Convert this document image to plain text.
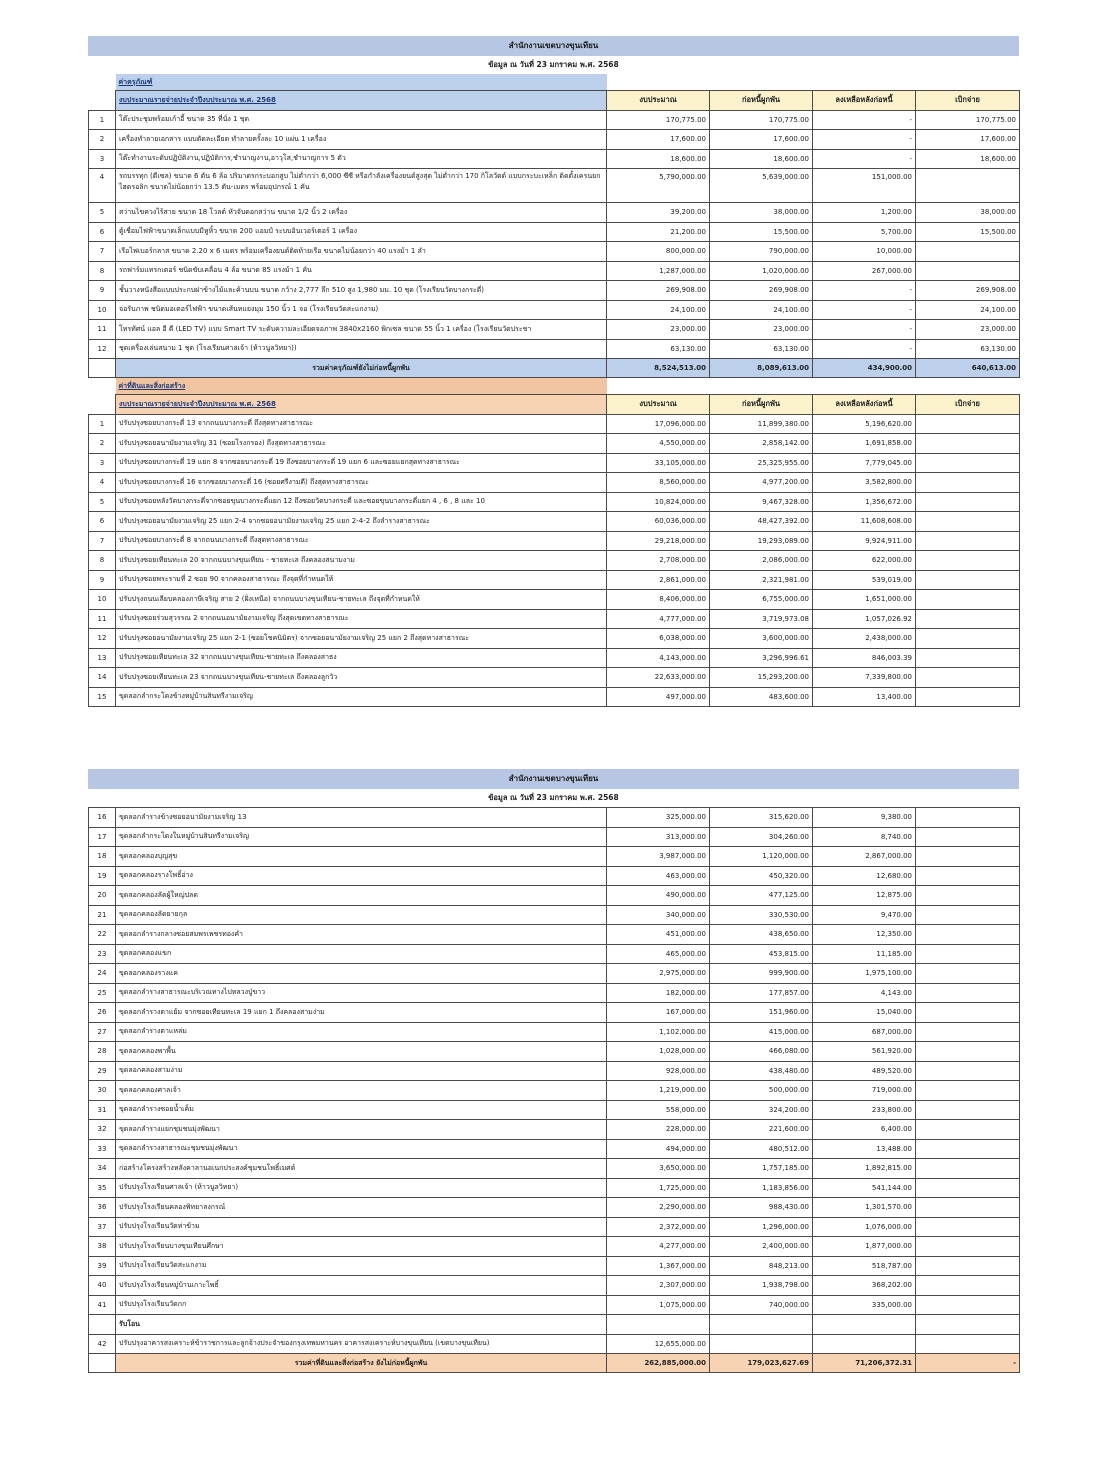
สำนักงานเขตบางขุนเทียน
ข้อมูล ณ วันที่ 23 มกราคม พ.ศ. 2568
	ค่าครุภัณฑ์				
	งบประมาณรายจ่ายประจำปีงบประมาณ พ.ศ. 2568	งบประมาณ	ก่อหนี้ผูกพัน	ลงเหลือหลังก่อหนี้	เบิกจ่าย
1	โต๊ะประชุมพร้อมเก้าอี้ ขนาด 35 ที่นั่ง 1 ชุด	170,775.00	170,775.00	-	170,775.00
2	เครื่องทำลายเอกสาร แบบตัดละเอียด ทำลายครั้งละ 10 แผ่น 1 เครื่อง	17,600.00	17,600.00	-	17,600.00
3	โต๊ะทำงานระดับปฏิบัติงาน,ปฏิบัติการ,ชำนาญงาน,อาวุโส,ชำนาญการ 5 ตัว	18,600.00	18,600.00	-	18,600.00
4	รถบรรทุก (ดีเซล) ขนาด 6 ตัน 6 ล้อ ปริมาตรกระบอกสูบ ไม่ต่ำกว่า 6,000 ซีซี หรือกำลังเครื่องยนต์สูงสุด ไม่ต่ำกว่า 170 กิโลวัตต์ แบบกระบะเหล็ก ติดตั้งเครนยกไฮดรอลิก ขนาดไม่น้อยกว่า 13.5 ตัน-เมตร พร้อมอุปกรณ์ 1 คัน	5,790,000.00	5,639,000.00	151,000.00	
5	สว่านไขควงไร้สาย ขนาด 18 โวลต์ หัวจับดอกสว่าน ขนาด 1/2 นิ้ว 2 เครื่อง	39,200.00	38,000.00	1,200.00	38,000.00
6	ตู้เชื่อมไฟฟ้าขนาดเล็กแบบมีหูหิ้ว ขนาด 200 แอมป์ ระบบอินเวอร์เตอร์ 1 เครื่อง	21,200.00	15,500.00	5,700.00	15,500.00
7	เรือไฟเบอร์กลาส ขนาด 2.20 x 6 เมตร พร้อมเครื่องยนต์ติดท้ายเรือ ขนาดไม่น้อยกว่า 40 แรงม้า 1 ลำ	800,000.00	790,000.00	10,000.00	
8	รถฟาร์มแทรกเตอร์ ชนิดขับเคลื่อน 4 ล้อ ขนาด 85 แรงม้า 1 คัน	1,287,000.00	1,020,000.00	267,000.00	
9	ชั้นวางหนังสือแบบประกบฝาข้างไม้และค้านบน ขนาด กว้าง 2,777 ลึก 510 สูง 1,980 มม. 10 ชุด (โรงเรียนวัดบางกระดี่)	269,908.00	269,908.00	-	269,908.00
10	จอรับภาพ ชนิดมอเตอร์ไฟฟ้า ขนาดเส้นทแยงมุม 150 นิ้ว 1 จอ (โรงเรียนวัดสะแกงาม)	24,100.00	24,100.00	-	24,100.00
11	โทรทัศน์ แอล อี ดี (LED TV) แบบ Smart TV ระดับความละเอียดจอภาพ 3840x2160 พิกเซล ขนาด 55 นิ้ว 1 เครื่อง (โรงเรียนวัดประชา	23,000.00	23,000.00	-	23,000.00
12	ชุดเครื่องเล่นสนาม 1 ชุด (โรงเรียนศาลเจ้า (ห้าวนูลวิทยา))	63,130.00	63,130.00	-	63,130.00
	รวมค่าครุภัณฑ์ยังไม่ก่อหนี้ผูกพัน	8,524,513.00	8,089,613.00	434,900.00	640,613.00
	ค่าที่ดินและสิ่งก่อสร้าง				
	งบประมาณรายจ่ายประจำปีงบประมาณ พ.ศ. 2568	งบประมาณ	ก่อหนี้ผูกพัน	ลงเหลือหลังก่อหนี้	เบิกจ่าย
1	ปรับปรุงซอยบางกระดี่ 13 จากถนนบางกระดี่ ถึงสุดทางสาธารณะ	17,096,000.00	11,899,380.00	5,196,620.00	
2	ปรับปรุงซอยอนามัยงามเจริญ 31 (ซอยโรงกรอง) ถึงสุดทางสาธารณะ	4,550,000.00	2,858,142.00	1,691,858.00	
3	ปรับปรุงซอยบางกระดี่ 19 แยก 8 จากซอยบางกระดี่ 19 ถึงซอยบางกระดี่ 19 แยก 6 และซอยแยกสุดทางสาธารณะ	33,105,000.00	25,325,955.00	7,779,045.00	
4	ปรับปรุงซอยบางกระดี่ 16 จากซอยบางกระดี่ 16 (ซอยศรีงามดี) ถึงสุดทางสาธารณะ	8,560,000.00	4,977,200.00	3,582,800.00	
5	ปรับปรุงซอยหลังวัดบางกระดี่จากซอยขุนบางกระดี่แยก 12 ถึงซอยวัดบางกระดี่ และซอยขุนบางกระดี่แยก 4 , 6 , 8 และ 10	10,824,000.00	9,467,328.00	1,356,672.00	
6	ปรับปรุงซอยอนามัยงามเจริญ 25 แยก 2-4 จากซอยอนามัยงามเจริญ 25 แยก 2-4-2 ถึงลำรางสาธารณะ	60,036,000.00	48,427,392.00	11,608,608.00	
7	ปรับปรุงซอยบางกระดี่ 8 จากถนนบางกระดี่ ถึงสุดทางสาธารณะ	29,218,000.00	19,293,089.00	9,924,911.00	
8	ปรับปรุงซอยเทียนทะเล 20 จากถนนบางขุนเทียน - ชายทะเล ถึงคลองสนามงาม	2,708,000.00	2,086,000.00	622,000.00	
9	ปรับปรุงซอยพระรามที่ 2 ซอย 90 จากคลองสาธารณะ ถึงจุดที่กำหนดให้	2,861,000.00	2,321,981.00	539,019.00	
10	ปรับปรุงถนนเลียบคลองภาษีเจริญ สาย 2 (ฝั่งเหนือ) จากถนนบางขุนเทียน-ชายทะเล ถึงจุดที่กำหนดให้	8,406,000.00	6,755,000.00	1,651,000.00	
11	ปรับปรุงซอยร่วมสุวรรณ 2 จากถนนอนามัยงามเจริญ ถึงสุดเขตทางสาธารณะ	4,777,000.00	3,719,973.08	1,057,026.92	
12	ปรับปรุงซอยอนามัยงามเจริญ 25 แยก 2-1 (ซอยโชคนิมิตร) จากซอยอนามัยงามเจริญ 25 แยก 2 ถึงสุดทางสาธารณะ	6,038,000.00	3,600,000.00	2,438,000.00	
13	ปรับปรุงซอยเทียนทะเล 32 จากถนนบางขุนเทียน-ชายทะเล ถึงคลองสาธง	4,143,000.00	3,296,996.61	846,003.39	
14	ปรับปรุงซอยเทียนทะเล 23 จากถนนบางขุนเทียน-ชายทะเล ถึงคลองลูกวัว	22,633,000.00	15,293,200.00	7,339,800.00	
15	ขุดลอกลำกระโดงข้างหมู่บ้านสินทรีงามเจริญ	497,000.00	483,600.00	13,400.00	
สำนักงานเขตบางขุนเทียน
ข้อมูล ณ วันที่ 23 มกราคม พ.ศ. 2568
16	ขุดลอกลำรางข้างซอยอนามัยงามเจริญ 13	325,000.00	315,620.00	9,380.00	
17	ขุดลอกลำกระโดงในหมู่บ้านสินทรีงามเจริญ	313,000.00	304,260.00	8,740.00	
18	ขุดลอกคลองบุญสุข	3,987,000.00	1,120,000.00	2,867,000.00	
19	ขุดลอกคลองรางโพธิ์อ่าง	463,000.00	450,320.00	12,680.00	
20	ขุดลอกคลองลัดผู้ใหญ่ปลด	490,000.00	477,125.00	12,875.00	
21	ขุดลอกคลองลัดยายกุล	340,000.00	330,530.00	9,470.00	
22	ขุดลอกลำรางกลางซอยสมพรเพชรทองคำ	451,000.00	438,650.00	12,350.00	
23	ขุดลอกคลองแขก	465,000.00	453,815.00	11,185.00	
24	ขุดลอกคลองรางแค	2,975,000.00	999,900.00	1,975,100.00	
25	ขุดลอกลำรางสาธารณะบริเวณทางไปหลวงปู่ขาว	182,000.00	177,857.00	4,143.00	
26	ขุดลอกลำรางตาแย้ม จากซอยเทียนทะเล 19 แยก 1 ถึงคลองสามง่าม	167,000.00	151,960.00	15,040.00	
27	ขุดลอกลำรางตาแหล่ม	1,102,000.00	415,000.00	687,000.00	
28	ขุดลอกคลองพาพื้น	1,028,000.00	466,080.00	561,920.00	
29	ขุดลอกคลองสามง่าม	928,000.00	438,480.00	489,520.00	
30	ขุดลอกคลองศาลเจ้า	1,219,000.00	500,000.00	719,000.00	
31	ขุดลอกลำรางซอยน้ำเค็ม	558,000.00	324,200.00	233,800.00	
32	ขุดลอกลำรางแยกชุมชนมุ่งพัฒนา	228,000.00	221,600.00	6,400.00	
33	ขุดลอกลำรางสาธารณะชุมชนมุ่งพัฒนา	494,000.00	480,512.00	13,488.00	
34	ก่อสร้างโครงสร้างหลังคาลานอเนกประสงค์ชุมชนโพธิ์เมศต์	3,650,000.00	1,757,185.00	1,892,815.00	
35	ปรับปรุงโรงเรียนศาลเจ้า (ห้าวนูลวิทยา)	1,725,000.00	1,183,856.00	541,144.00	
36	ปรับปรุงโรงเรียนคลองพิทยาลงกรณ์	2,290,000.00	988,430.00	1,301,570.00	
37	ปรับปรุงโรงเรียนวัดท่าข้าม	2,372,000.00	1,296,000.00	1,076,000.00	
38	ปรับปรุงโรงเรียนบางขุนเทียนศึกษา	4,277,000.00	2,400,000.00	1,877,000.00	
39	ปรับปรุงโรงเรียนวัดสะแกงาม	1,367,000.00	848,213.00	518,787.00	
40	ปรับปรุงโรงเรียนหมู่บ้านเกาะโพธิ์	2,307,000.00	1,938,798.00	368,202.00	
41	ปรับปรุงโรงเรียนวัดกก	1,075,000.00	740,000.00	335,000.00	
	รับโอน				
42	ปรับปรุงอาคารสงเคราะห์ข้าราชการและลูกจ้างประจำของกรุงเทพมหานคร อาคารสงเคราะห์บางขุนเทียน (เขตบางขุนเทียน)	12,655,000.00			
	รวมค่าที่ดินและสิ่งก่อสร้าง ยังไม่ก่อหนี้ผูกพัน	262,885,000.00	179,023,627.69	71,206,372.31	-
